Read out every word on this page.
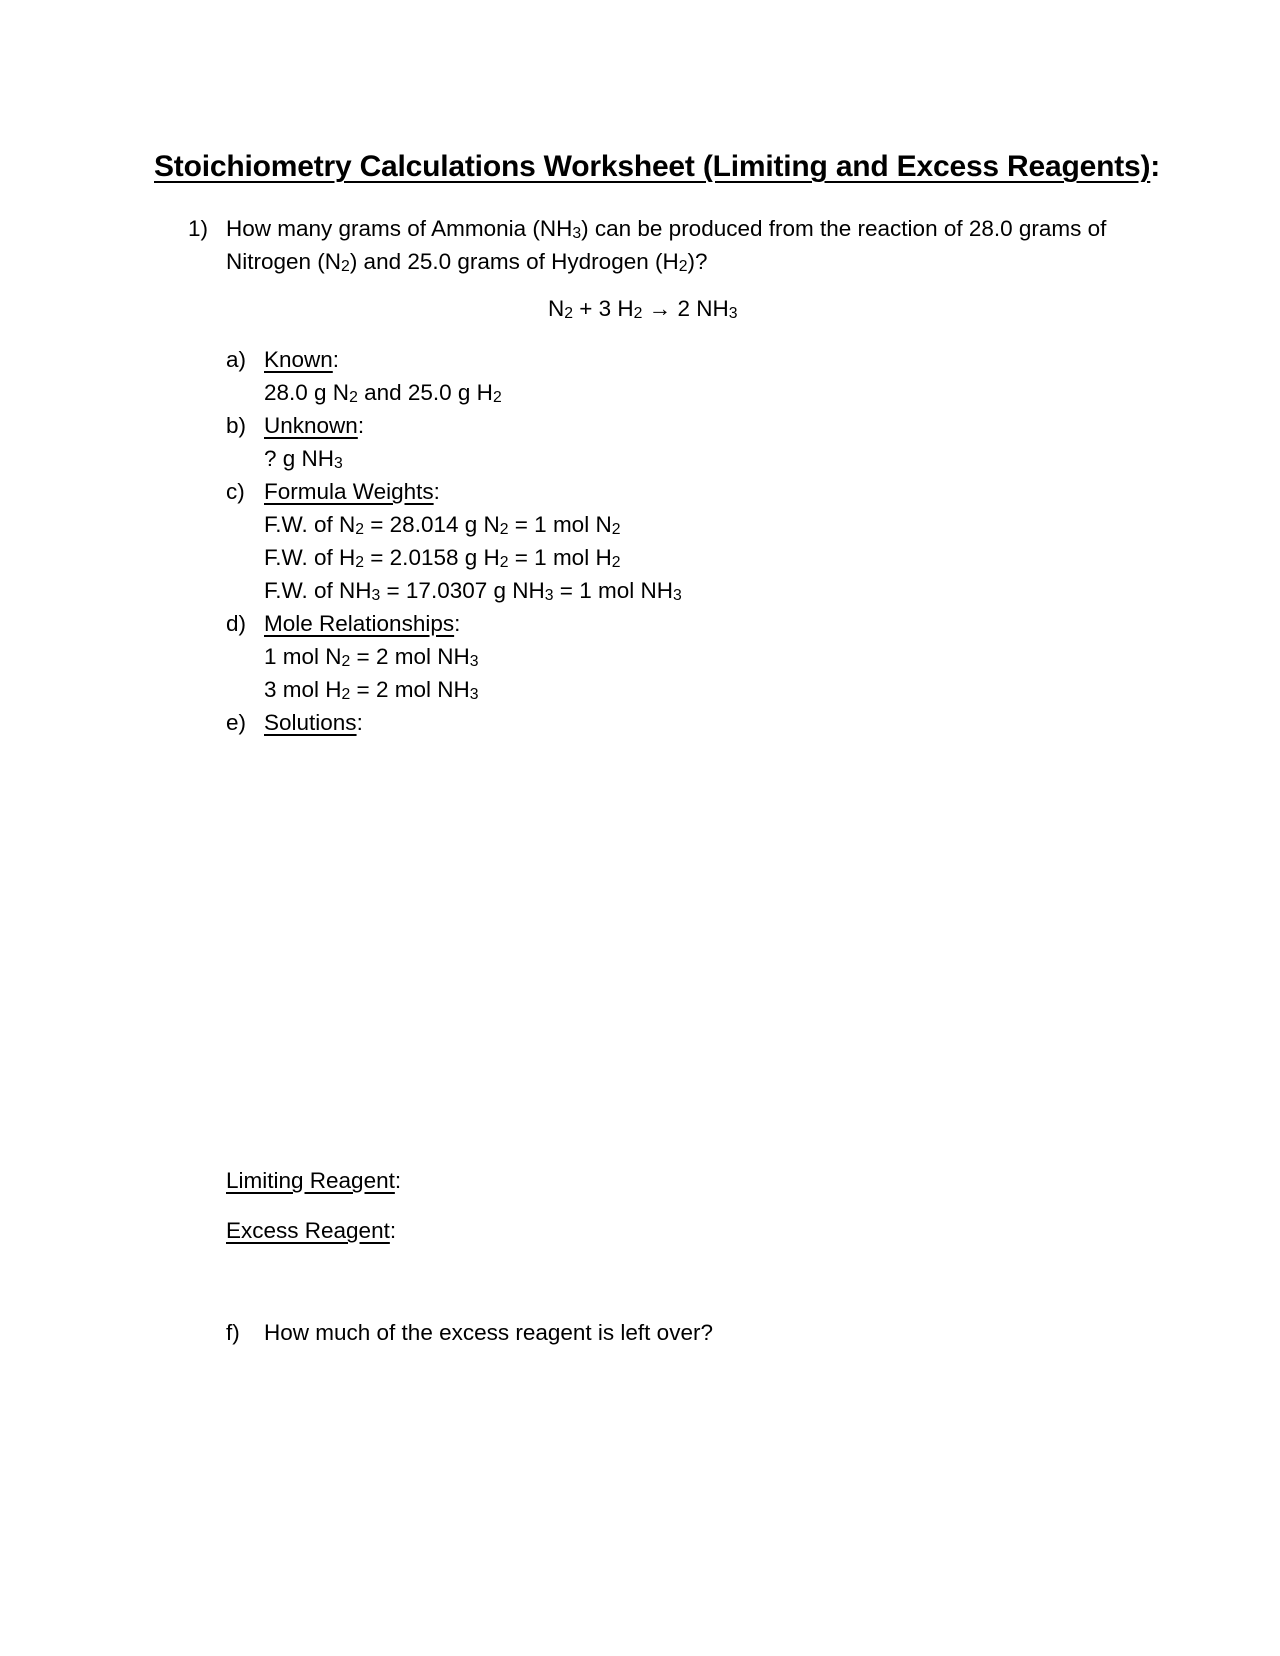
Stoichiometry Calculations Worksheet (Limiting and Excess Reagents):
1) How many grams of Ammonia $(NH_3)$ can be produced from the reaction of 28.0 grams of Nitrogen $(N_2)$ and 25.0 grams of Hydrogen $(H_2)$?
$N_2 + 3$ $H_2 \to 2$ $NH_3$
a) Known:
28.0 g $N_2$ and 25.0 g $H_2$
b) Unknown:
? g $NH_3$
c) Formula Weights:
F.W. of $N_2 = 28.014$ g $N_2 = 1$ mol $N_2$
F.W. of $H_2 = 2.0158$ g $H_2 = 1$ mol $H_2$
F.W. of $NH_3 = 17.0307$ g $NH_3 = 1$ mol $NH_3$
d) Mole Relationships:
1 mol $N_2 = 2$ mol $NH_3$
3 mol $H_2 = 2$ mol $NH_3$
e) Solutions:
Limiting Reagent:
Excess Reagent:
f) How much of the excess reagent is left over?
